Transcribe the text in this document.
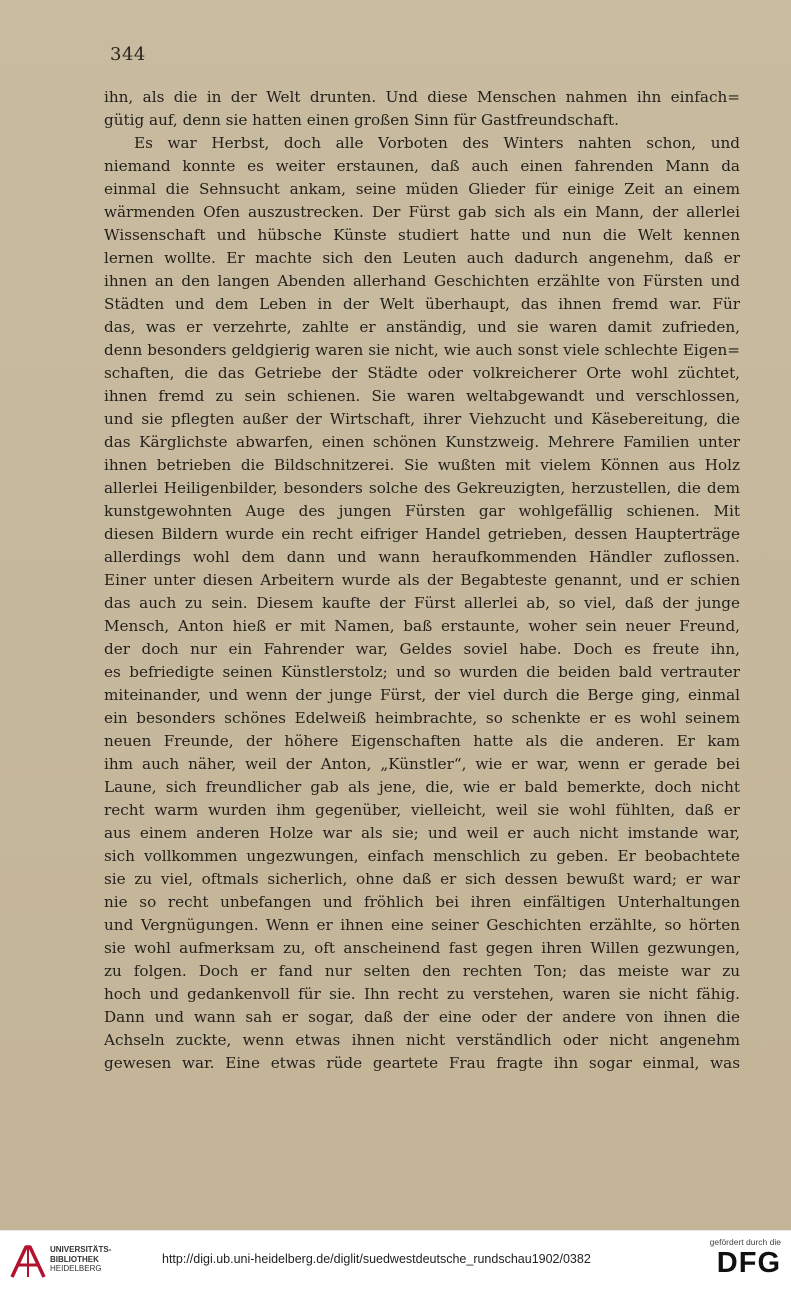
344
ihn, als die in der Welt drunten. Und diese Menschen nahmen ihn einfach=
gütig auf, denn sie hatten einen großen Sinn für Gastfreundschaft.
Es war Herbst, doch alle Vorboten des Winters nahten schon, und
niemand konnte es weiter erstaunen, daß auch einen fahrenden Mann da
einmal die Sehnsucht ankam, seine müden Glieder für einige Zeit an einem
wärmenden Ofen auszustrecken. Der Fürst gab sich als ein Mann, der allerlei
Wissenschaft und hübsche Künste studiert hatte und nun die Welt kennen
lernen wollte. Er machte sich den Leuten auch dadurch angenehm, daß er
ihnen an den langen Abenden allerhand Geschichten erzählte von Fürsten und
Städten und dem Leben in der Welt überhaupt, das ihnen fremd war. Für
das, was er verzehrte, zahlte er anständig, und sie waren damit zufrieden,
denn besonders geldgierig waren sie nicht, wie auch sonst viele schlechte Eigen=
schaften, die das Getriebe der Städte oder volkreicherer Orte wohl züchtet,
ihnen fremd zu sein schienen. Sie waren weltabgewandt und verschlossen,
und sie pflegten außer der Wirtschaft, ihrer Viehzucht und Käsebereitung, die
das Kärglichste abwarfen, einen schönen Kunstzweig. Mehrere Familien unter
ihnen betrieben die Bildschnitzerei. Sie wußten mit vielem Können aus Holz
allerlei Heiligenbilder, besonders solche des Gekreuzigten, herzustellen, die dem
kunstgewohnten Auge des jungen Fürsten gar wohlgefällig schienen. Mit
diesen Bildern wurde ein recht eifriger Handel getrieben, dessen Haupterträge
allerdings wohl dem dann und wann heraufkommenden Händler zuflossen.
Einer unter diesen Arbeitern wurde als der Begabteste genannt, und er schien
das auch zu sein. Diesem kaufte der Fürst allerlei ab, so viel, daß der junge
Mensch, Anton hieß er mit Namen, baß erstaunte, woher sein neuer Freund,
der doch nur ein Fahrender war, Geldes soviel habe. Doch es freute ihn,
es befriedigte seinen Künstlerstolz; und so wurden die beiden bald vertrauter
miteinander, und wenn der junge Fürst, der viel durch die Berge ging, einmal
ein besonders schönes Edelweiß heimbrachte, so schenkte er es wohl seinem
neuen Freunde, der höhere Eigenschaften hatte als die anderen. Er kam
ihm auch näher, weil der Anton, „Künstler“, wie er war, wenn er gerade bei
Laune, sich freundlicher gab als jene, die, wie er bald bemerkte, doch nicht
recht warm wurden ihm gegenüber, vielleicht, weil sie wohl fühlten, daß er
aus einem anderen Holze war als sie; und weil er auch nicht imstande war,
sich vollkommen ungezwungen, einfach menschlich zu geben. Er beobachtete
sie zu viel, oftmals sicherlich, ohne daß er sich dessen bewußt ward; er war
nie so recht unbefangen und fröhlich bei ihren einfältigen Unterhaltungen
und Vergnügungen. Wenn er ihnen eine seiner Geschichten erzählte, so hörten
sie wohl aufmerksam zu, oft anscheinend fast gegen ihren Willen gezwungen,
zu folgen. Doch er fand nur selten den rechten Ton; das meiste war zu
hoch und gedankenvoll für sie. Ihn recht zu verstehen, waren sie nicht fähig.
Dann und wann sah er sogar, daß der eine oder der andere von ihnen die
Achseln zuckte, wenn etwas ihnen nicht verständlich oder nicht angenehm
gewesen war. Eine etwas rüde geartete Frau fragte ihn sogar einmal, was
UNIVERSITÄTS-
BIBLIOTHEK
HEIDELBERG
http://digi.ub.uni-heidelberg.de/diglit/suedwestdeutsche_rundschau1902/0382
gefördert durch die
DFG
